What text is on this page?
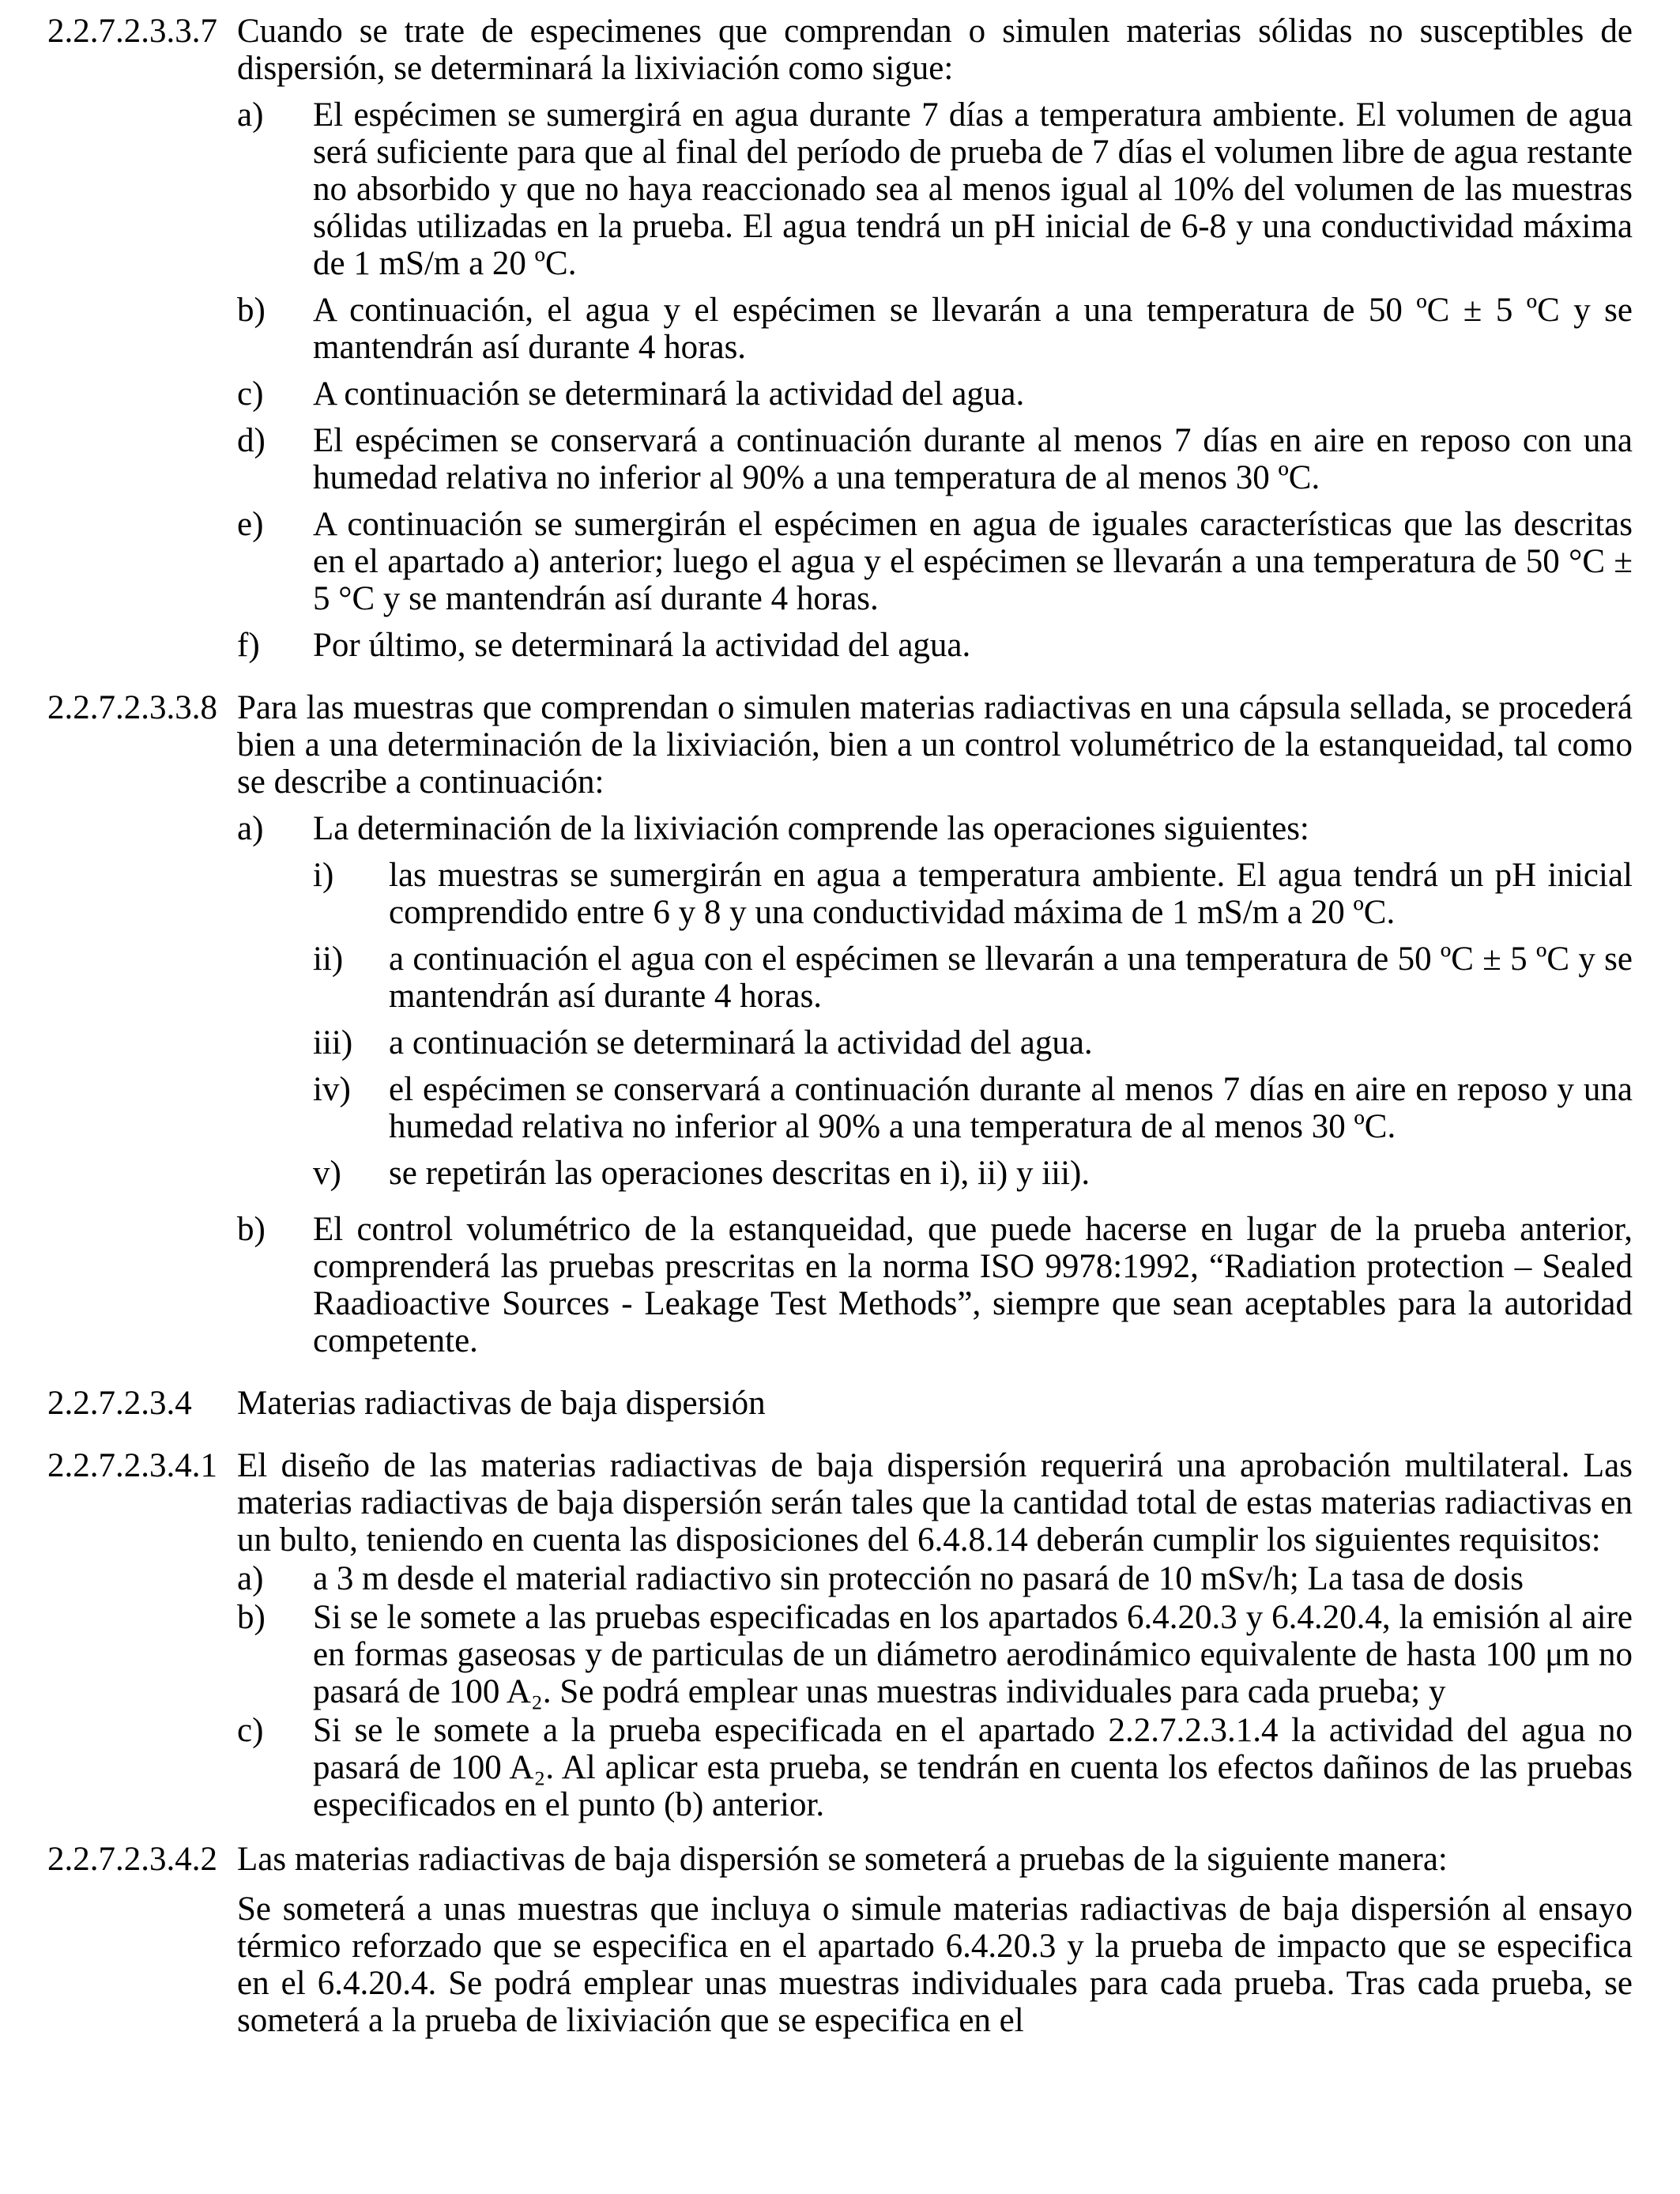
2.2.7.2.3.3.7 Cuando se trate de especimenes que comprendan o simulen materias sólidas no susceptibles de dispersión, se determinará la lixiviación como sigue:

a)	El espécimen se sumergirá en agua durante 7 días a temperatura ambiente. El volumen de agua será suficiente para que al final del período de prueba de 7 días el volumen libre de agua restante no absorbido y que no haya reaccionado sea al menos igual al 10% del volumen de las muestras sólidas utilizadas en la prueba. El agua tendrá un pH inicial de 6-8 y una conductividad máxima de 1 mS/m a 20 ºC.

b)	A continuación, el agua y el espécimen se llevarán a una temperatura de 50 ºC ± 5 ºC y se mantendrán así durante 4 horas.

c)	A continuación se determinará la actividad del agua.

d)	El espécimen se conservará a continuación durante al menos 7 días en aire en reposo con una humedad relativa no inferior al 90% a una temperatura de al menos 30 ºC.

e)	A continuación se sumergirán el espécimen en agua de iguales características que las descritas en el apartado a) anterior; luego el agua y el espécimen se llevarán a una temperatura de 50 °C ± 5 °C y se mantendrán así durante 4 horas.

f)	Por último, se determinará la actividad del agua.

2.2.7.2.3.3.8 Para las muestras que comprendan o simulen materias radiactivas en una cápsula sellada, se procederá bien a una determinación de la lixiviación, bien a un control volumétrico de la estanqueidad, tal como se describe a continuación:

a)	La determinación de la lixiviación comprende las operaciones siguientes:

i)	las muestras se sumergirán en agua a temperatura ambiente. El agua tendrá un pH inicial comprendido entre 6 y 8 y una conductividad máxima de 1 mS/m a 20 ºC.

ii)	a continuación el agua con el espécimen se llevarán a una temperatura de 50 ºC ± 5 ºC y se mantendrán así durante 4 horas.

iii)	a continuación se determinará la actividad del agua.

iv)	el espécimen se conservará a continuación durante al menos 7 días en aire en reposo y una humedad relativa no inferior al 90% a una temperatura de al menos 30 ºC.

v)	se repetirán las operaciones descritas en i), ii) y iii).

b)	El control volumétrico de la estanqueidad, que puede hacerse en lugar de la prueba anterior, comprenderá las pruebas prescritas en la norma ISO 9978:1992, “Radiation protection – Sealed Raadioactive Sources - Leakage Test Methods”, siempre que sean aceptables para la autoridad competente.

2.2.7.2.3.4	Materias radiactivas de baja dispersión

2.2.7.2.3.4.1 El diseño de las materias radiactivas de baja dispersión requerirá una aprobación multilateral. Las materias radiactivas de baja dispersión serán tales que la cantidad total de estas materias radiactivas en un bulto, teniendo en cuenta las disposiciones del 6.4.8.14 deberán cumplir los siguientes requisitos:

a)	a 3 m desde el material radiactivo sin protección no pasará de 10 mSv/h; La tasa de dosis

b)	Si se le somete a las pruebas especificadas en los apartados 6.4.20.3 y 6.4.20.4, la emisión al aire en formas gaseosas y de particulas de un diámetro aerodinámico equivalente de hasta 100 μm no pasará de 100 A₂. Se podrá emplear unas muestras individuales para cada prueba; y

c)	Si se le somete a la prueba especificada en el apartado 2.2.7.2.3.1.4 la actividad del agua no pasará de 100 A₂. Al aplicar esta prueba, se tendrán en cuenta los efectos dañinos de las pruebas especificados en el punto (b) anterior.

2.2.7.2.3.4.2 Las materias radiactivas de baja dispersión se someterá a pruebas de la siguiente manera:

Se someterá a unas muestras que incluya o simule materias radiactivas de baja dispersión al ensayo térmico reforzado que se especifica en el apartado 6.4.20.3 y la prueba de impacto que se especifica en el 6.4.20.4. Se podrá emplear unas muestras individuales para cada prueba. Tras cada prueba, se someterá a la prueba de lixiviación que se especifica en el
